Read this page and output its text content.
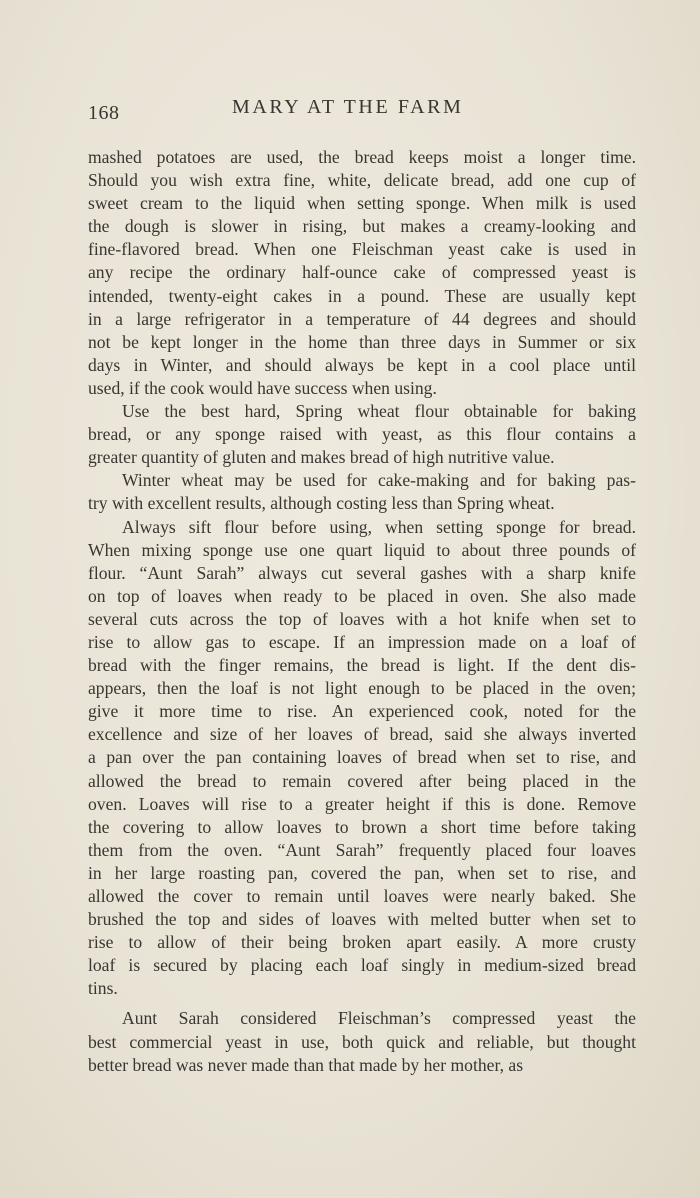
168	MARY AT THE FARM
mashed potatoes are used, the bread keeps moist a longer time.
Should you wish extra fine, white, delicate bread, add one cup of
sweet cream to the liquid when setting sponge. When milk is used
the dough is slower in rising, but makes a creamy-looking and
fine-flavored bread. When one Fleischman yeast cake is used in
any recipe the ordinary half-ounce cake of compressed yeast is
intended, twenty-eight cakes in a pound. These are usually kept
in a large refrigerator in a temperature of 44 degrees and should
not be kept longer in the home than three days in Summer or six
days in Winter, and should always be kept in a cool place until
used, if the cook would have success when using.
Use the best hard, Spring wheat flour obtainable for baking
bread, or any sponge raised with yeast, as this flour contains a
greater quantity of gluten and makes bread of high nutritive value.
Winter wheat may be used for cake-making and for baking pas-
try with excellent results, although costing less than Spring wheat.
Always sift flour before using, when setting sponge for bread.
When mixing sponge use one quart liquid to about three pounds of
flour. “Aunt Sarah” always cut several gashes with a sharp knife
on top of loaves when ready to be placed in oven. She also made
several cuts across the top of loaves with a hot knife when set to
rise to allow gas to escape. If an impression made on a loaf of
bread with the finger remains, the bread is light. If the dent dis-
appears, then the loaf is not light enough to be placed in the oven;
give it more time to rise. An experienced cook, noted for the
excellence and size of her loaves of bread, said she always inverted
a pan over the pan containing loaves of bread when set to rise, and
allowed the bread to remain covered after being placed in the
oven. Loaves will rise to a greater height if this is done. Remove
the covering to allow loaves to brown a short time before taking
them from the oven. “Aunt Sarah” frequently placed four loaves
in her large roasting pan, covered the pan, when set to rise, and
allowed the cover to remain until loaves were nearly baked. She
brushed the top and sides of loaves with melted butter when set to
rise to allow of their being broken apart easily. A more crusty
loaf is secured by placing each loaf singly in medium-sized bread
tins.
Aunt Sarah considered Fleischman’s compressed yeast the
best commercial yeast in use, both quick and reliable, but thought
better bread was never made than that made by her mother, as
